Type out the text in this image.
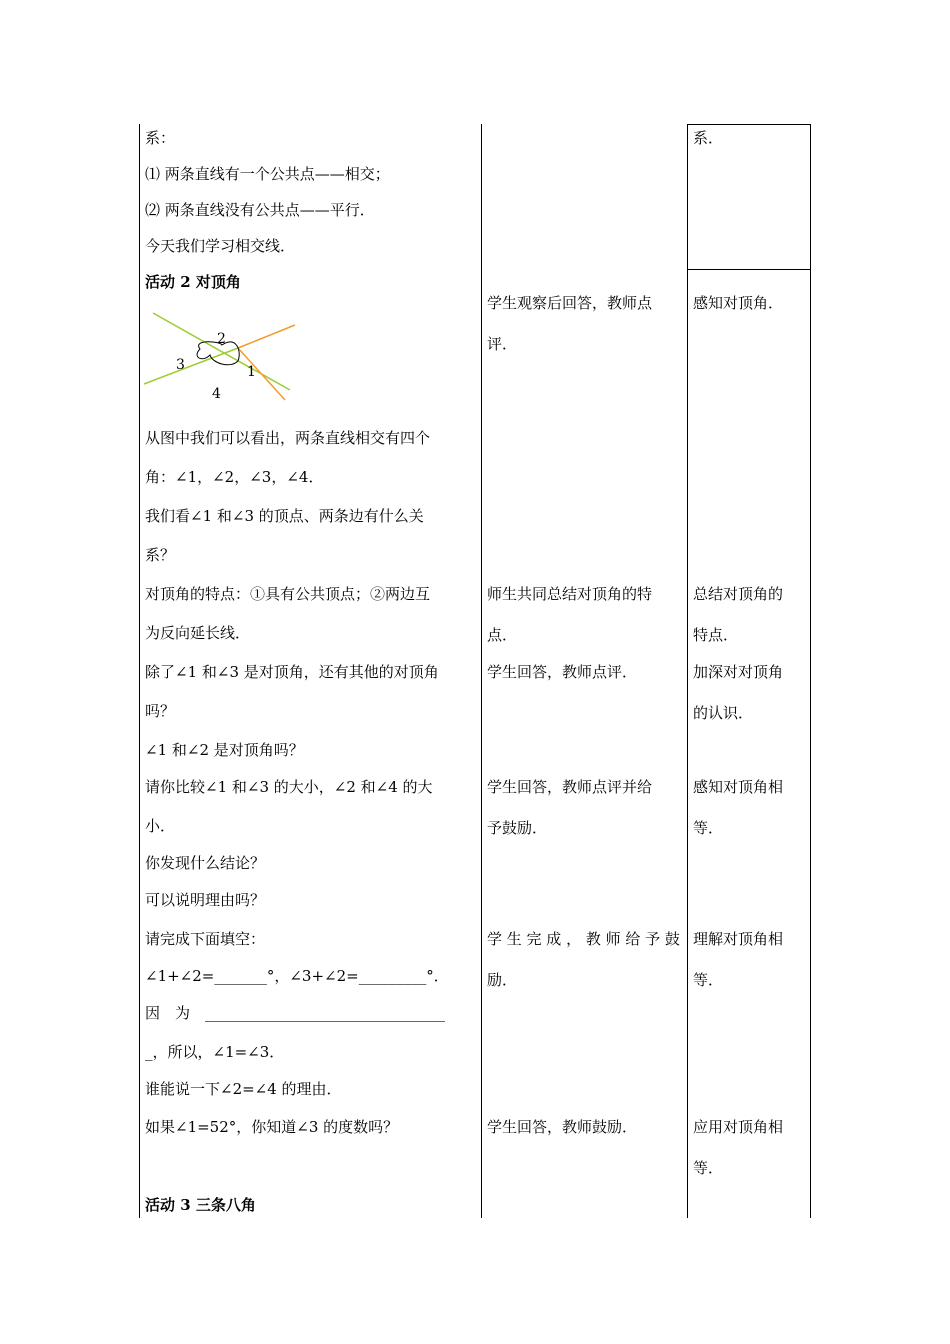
系：
⑴ 两条直线有一个公共点——相交；
⑵ 两条直线没有公共点——平行．
今天我们学习相交线．
活动 2 对顶角
2
3	1
4
从图中我们可以看出，两条直线相交有四个
角：∠1，∠2，∠3，∠4．
我们看∠1 和∠3 的顶点、两条边有什么关
系？
对顶角的特点：①具有公共顶点；②两边互
为反向延长线．
除了∠1 和∠3 是对顶角，还有其他的对顶角
吗？
∠1 和∠2 是对顶角吗？
请你比较∠1 和∠3 的大小，∠2 和∠4 的大
小．
你发现什么结论？
可以说明理由吗？
请完成下面填空：
∠1+∠2=_______°，∠3+∠2=_________°．
因　为　________________________________
_，所以，∠1=∠3．
谁能说一下∠2=∠4 的理由．
如果∠1=52°，你知道∠3 的度数吗？
活动 3 三条八角
学生观察后回答，教师点
评．
师生共同总结对顶角的特
点．
学生回答，教师点评．
学生回答，教师点评并给
予鼓励．
学 生 完 成 ， 教 师 给 予 鼓
励．
学生回答，教师鼓励．
系．
感知对顶角．
总结对顶角的
特点．
加深对对顶角
的认识．
感知对顶角相
等．
理解对顶角相
等．
应用对顶角相
等．
